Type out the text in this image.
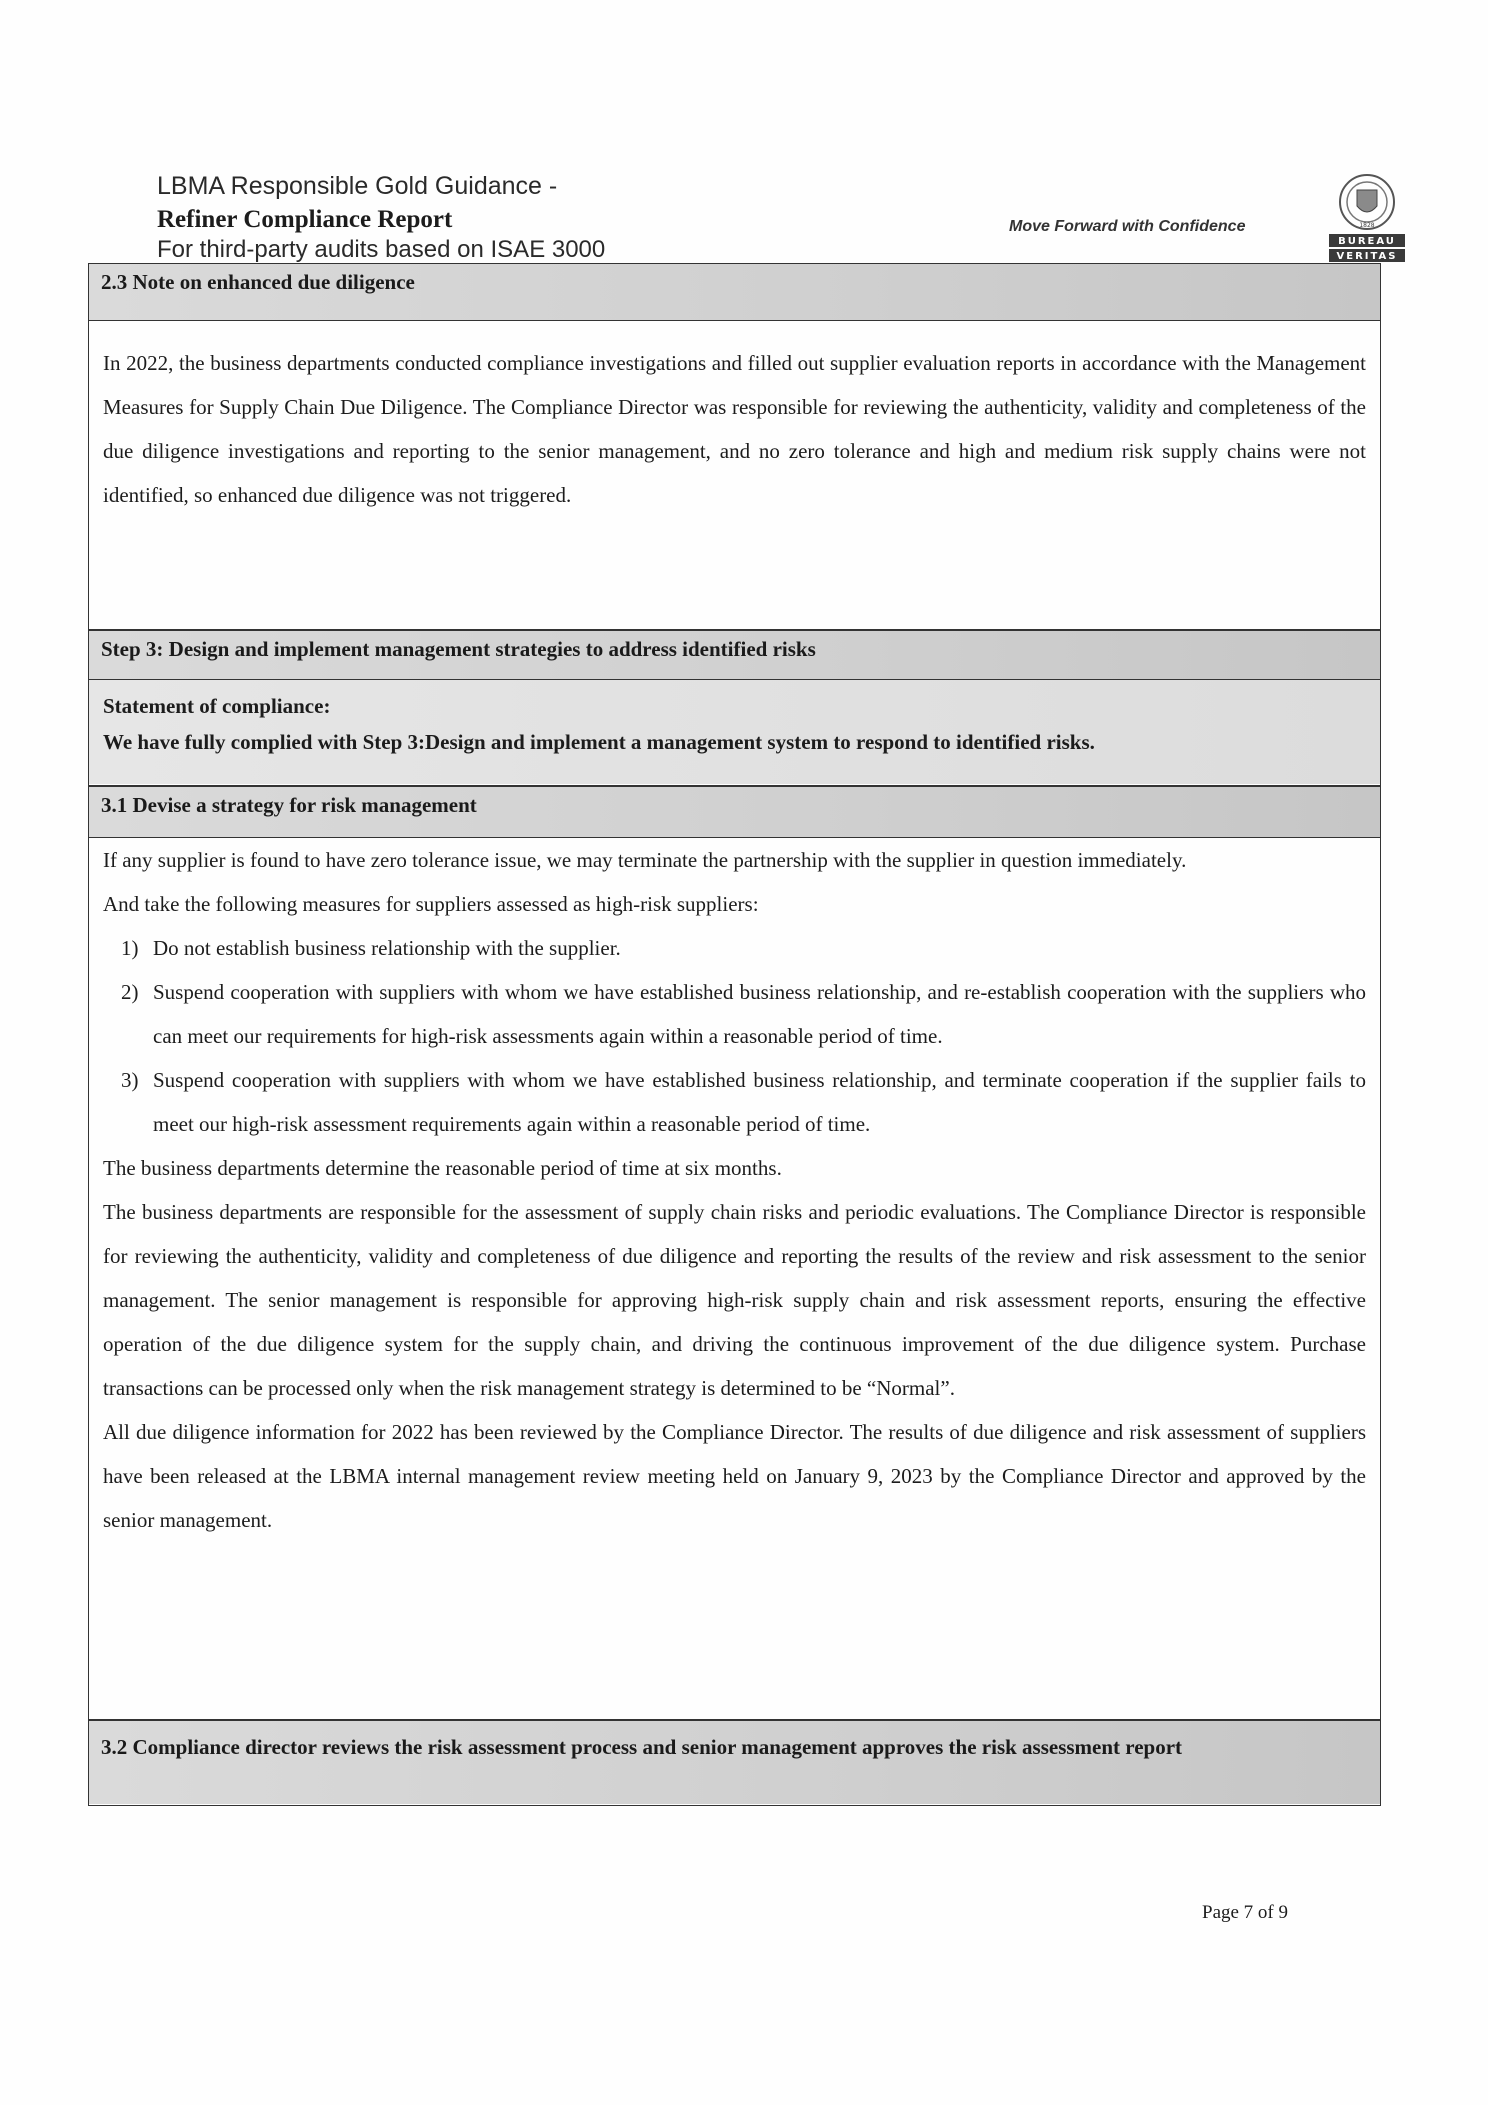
LBMA Responsible Gold Guidance -
Refiner Compliance Report
For third-party audits based on ISAE 3000
Move Forward with Confidence	1828
BUREAU
VERITAS
2.3 Note on enhanced due diligence

In 2022, the business departments conducted compliance investigations and filled out supplier evaluation reports in accordance with the Management Measures for Supply Chain Due Diligence. The Compliance Director was responsible for reviewing the authenticity, validity and completeness of the due diligence investigations and reporting to the senior management, and no zero tolerance and high and medium risk supply chains were not identified, so enhanced due diligence was not triggered.

Step 3: Design and implement management strategies to address identified risks
Statement of compliance:
We have fully complied with Step 3:Design and implement a management system to respond to identified risks.
3.1 Devise a strategy for risk management

If any supplier is found to have zero tolerance issue, we may terminate the partnership with the supplier in question immediately.

And take the following measures for suppliers assessed as high-risk suppliers:

1) Do not establish business relationship with the supplier.
2) Suspend cooperation with suppliers with whom we have established business relationship, and re-establish cooperation with the suppliers who can meet our requirements for high-risk assessments again within a reasonable period of time.
3) Suspend cooperation with suppliers with whom we have established business relationship, and terminate cooperation if the supplier fails to meet our high-risk assessment requirements again within a reasonable period of time.

The business departments determine the reasonable period of time at six months.

The business departments are responsible for the assessment of supply chain risks and periodic evaluations. The Compliance Director is responsible for reviewing the authenticity, validity and completeness of due diligence and reporting the results of the review and risk assessment to the senior management. The senior management is responsible for approving high-risk supply chain and risk assessment reports, ensuring the effective operation of the due diligence system for the supply chain, and driving the continuous improvement of the due diligence system. Purchase transactions can be processed only when the risk management strategy is determined to be “Normal”.

All due diligence information for 2022 has been reviewed by the Compliance Director. The results of due diligence and risk assessment of suppliers have been released at the LBMA internal management review meeting held on January 9, 2023 by the Compliance Director and approved by the senior management.

3.2 Compliance director reviews the risk assessment process and senior management approves the risk assessment report
Page 7 of 9
